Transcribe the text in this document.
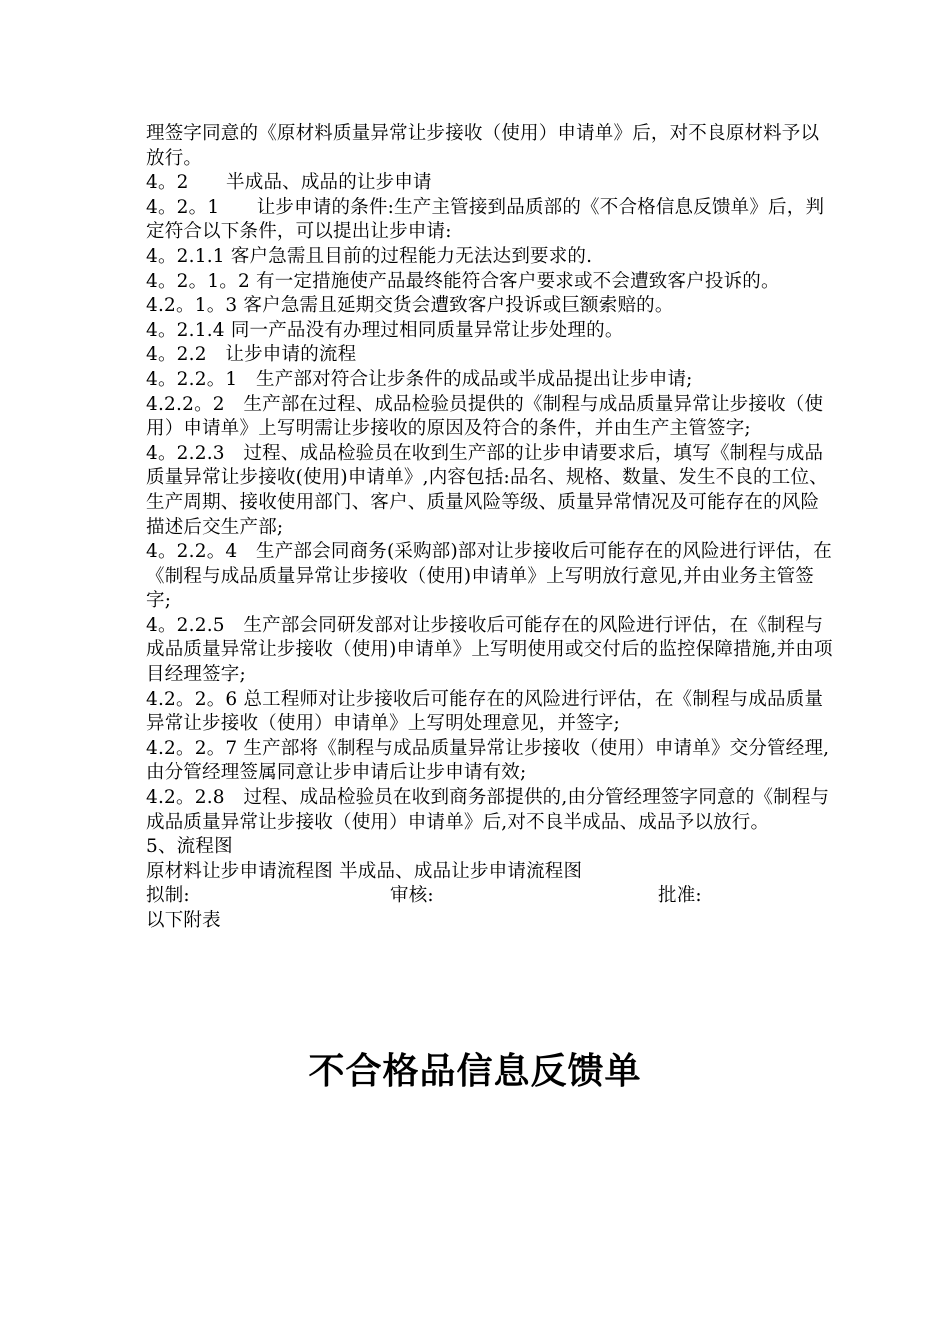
理签字同意的《原材料质量异常让步接收（使用）申请单》后，对不良原材料予以放行。

4。2　　半成品、成品的让步申请

4。2。1　　让步申请的条件:生产主管接到品质部的《不合格信息反馈单》后，判定符合以下条件，可以提出让步申请:

4。2.1.1 客户急需且目前的过程能力无法达到要求的.

4。2。1。2 有一定措施使产品最终能符合客户要求或不会遭致客户投诉的。

4.2。1。3 客户急需且延期交货会遭致客户投诉或巨额索赔的。

4。2.1.4 同一产品没有办理过相同质量异常让步处理的。

4。2.2　让步申请的流程

4。2.2。1　生产部对符合让步条件的成品或半成品提出让步申请;

4.2.2。2　生产部在过程、成品检验员提供的《制程与成品质量异常让步接收（使用）申请单》上写明需让步接收的原因及符合的条件，并由生产主管签字;

4。2.2.3　过程、成品检验员在收到生产部的让步申请要求后，填写《制程与成品质量异常让步接收(使用)申请单》,内容包括:品名、规格、数量、发生不良的工位、生产周期、接收使用部门、客户、质量风险等级、质量异常情况及可能存在的风险描述后交生产部;

4。2.2。4　生产部会同商务(采购部)部对让步接收后可能存在的风险进行评估，在《制程与成品质量异常让步接收（使用)申请单》上写明放行意见,并由业务主管签字;

4。2.2.5　生产部会同研发部对让步接收后可能存在的风险进行评估，在《制程与成品质量异常让步接收（使用)申请单》上写明使用或交付后的监控保障措施,并由项目经理签字;

4.2。2。6 总工程师对让步接收后可能存在的风险进行评估，在《制程与成品质量异常让步接收（使用）申请单》上写明处理意见，并签字;

4.2。2。7 生产部将《制程与成品质量异常让步接收（使用）申请单》交分管经理,由分管经理签属同意让步申请后让步申请有效;

4.2。2.8　过程、成品检验员在收到商务部提供的,由分管经理签字同意的《制程与成品质量异常让步接收（使用）申请单》后,对不良半成品、成品予以放行。

5、流程图

原材料让步申请流程图 半成品、成品让步申请流程图

拟制:	审核:	批准:

以下附表

不合格品信息反馈单
